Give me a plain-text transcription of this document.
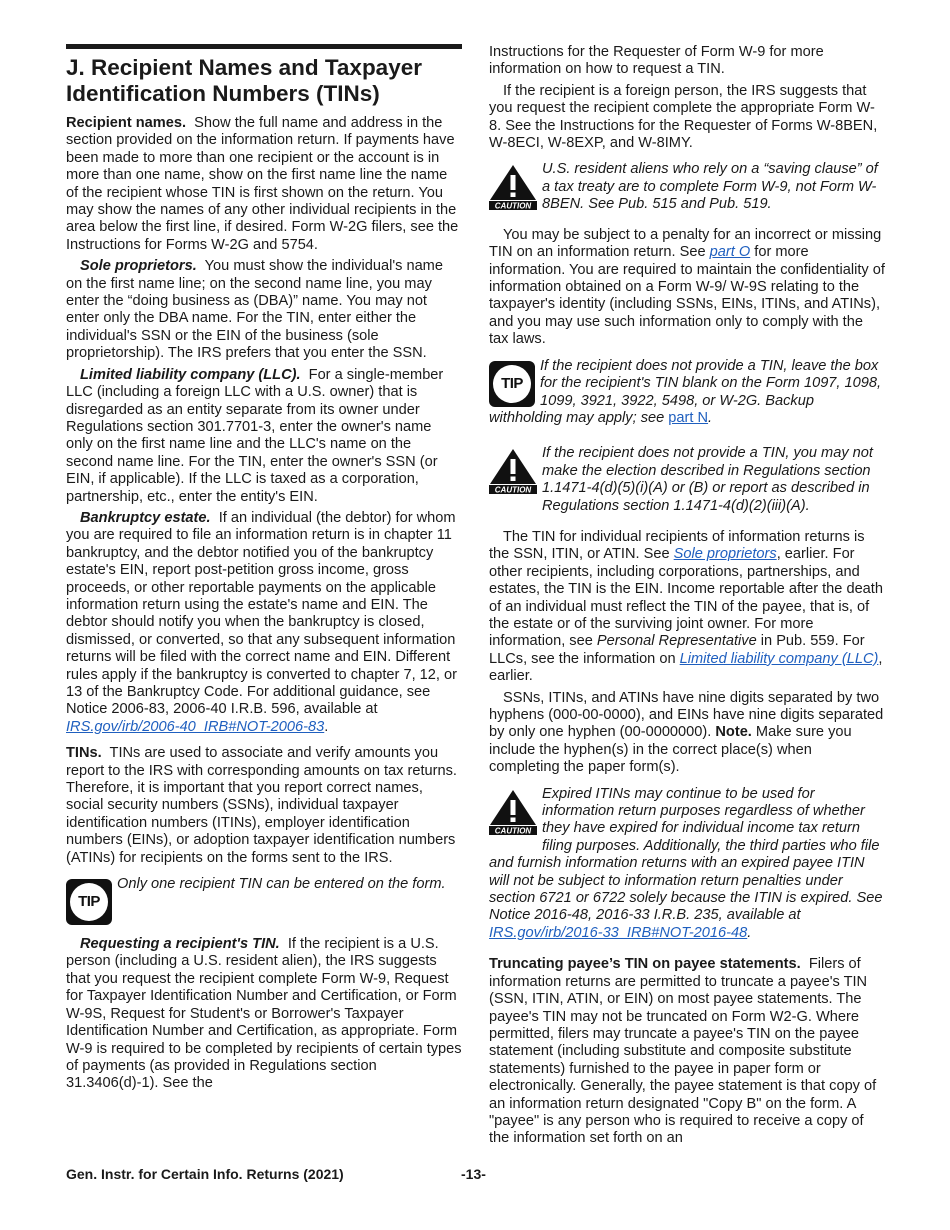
J. Recipient Names and Taxpayer Identification Numbers (TINs)

Recipient names. Show the full name and address in the section provided on the information return. If payments have been made to more than one recipient or the account is in more than one name, show on the first name line the name of the recipient whose TIN is first shown on the return. You may show the names of any other individual recipients in the area below the first line, if desired. Form W-2G filers, see the Instructions for Forms W-2G and 5754.

Sole proprietors. You must show the individual's name on the first name line; on the second name line, you may enter the “doing business as (DBA)” name. You may not enter only the DBA name. For the TIN, enter either the individual's SSN or the EIN of the business (sole proprietorship). The IRS prefers that you enter the SSN.

Limited liability company (LLC). For a single-member LLC (including a foreign LLC with a U.S. owner) that is disregarded as an entity separate from its owner under Regulations section 301.7701-3, enter the owner's name only on the first name line and the LLC's name on the second name line. For the TIN, enter the owner's SSN (or EIN, if applicable). If the LLC is taxed as a corporation, partnership, etc., enter the entity's EIN.

Bankruptcy estate. If an individual (the debtor) for whom you are required to file an information return is in chapter 11 bankruptcy, and the debtor notified you of the bankruptcy estate's EIN, report post-petition gross income, gross proceeds, or other reportable payments on the applicable information return using the estate's name and EIN. The debtor should notify you when the bankruptcy is closed, dismissed, or converted, so that any subsequent information returns will be filed with the correct name and EIN. Different rules apply if the bankruptcy is converted to chapter 7, 12, or 13 of the Bankruptcy Code. For additional guidance, see Notice 2006-83, 2006-40 I.R.B. 596, available at IRS.gov/irb/2006-40_IRB#NOT-2006-83.

TINs. TINs are used to associate and verify amounts you report to the IRS with corresponding amounts on tax returns. Therefore, it is important that you report correct names, social security numbers (SSNs), individual taxpayer identification numbers (ITINs), employer identification numbers (EINs), or adoption taxpayer identification numbers (ATINs) for recipients on the forms sent to the IRS.

TIP
Only one recipient TIN can be entered on the form.

Requesting a recipient's TIN. If the recipient is a U.S. person (including a U.S. resident alien), the IRS suggests that you request the recipient complete Form W-9, Request for Taxpayer Identification Number and Certification, or Form W-9S, Request for Student's or Borrower's Taxpayer Identification Number and Certification, as appropriate. Form W-9 is required to be completed by recipients of certain types of payments (as provided in Regulations section 31.3406(d)-1). See the

Instructions for the Requester of Form W-9 for more information on how to request a TIN.

If the recipient is a foreign person, the IRS suggests that you request the recipient complete the appropriate Form W-8. See the Instructions for the Requester of Forms W-8BEN, W-8ECI, W-8EXP, and W-8IMY.

CAUTION
U.S. resident aliens who rely on a “saving clause” of a tax treaty are to complete Form W-9, not Form W-8BEN. See Pub. 515 and Pub. 519.

You may be subject to a penalty for an incorrect or missing TIN on an information return. See part O for more information. You are required to maintain the confidentiality of information obtained on a Form W-9/ W-9S relating to the taxpayer's identity (including SSNs, EINs, ITINs, and ATINs), and you may use such information only to comply with the tax laws.

TIP
If the recipient does not provide a TIN, leave the box for the recipient's TIN blank on the Form 1097, 1098, 1099, 3921, 3922, 5498, or W-2G. Backup withholding may apply; see part N.
CAUTION
If the recipient does not provide a TIN, you may not make the election described in Regulations section 1.1471-4(d)(5)(i)(A) or (B) or report as described in Regulations section 1.1471-4(d)(2)(iii)(A).

The TIN for individual recipients of information returns is the SSN, ITIN, or ATIN. See Sole proprietors, earlier. For other recipients, including corporations, partnerships, and estates, the TIN is the EIN. Income reportable after the death of an individual must reflect the TIN of the payee, that is, of the estate or of the surviving joint owner. For more information, see Personal Representative in Pub. 559. For LLCs, see the information on Limited liability company (LLC), earlier.

SSNs, ITINs, and ATINs have nine digits separated by two hyphens (000-00-0000), and EINs have nine digits separated by only one hyphen (00-0000000). Note. Make sure you include the hyphen(s) in the correct place(s) when completing the paper form(s).

CAUTION
Expired ITINs may continue to be used for information return purposes regardless of whether they have expired for individual income tax return filing purposes. Additionally, the third parties who file and furnish information returns with an expired payee ITIN will not be subject to information return penalties under section 6721 or 6722 solely because the ITIN is expired. See Notice 2016-48, 2016-33 I.R.B. 235, available at IRS.gov/irb/2016-33_IRB#NOT-2016-48.

Truncating payee’s TIN on payee statements. Filers of information returns are permitted to truncate a payee's TIN (SSN, ITIN, ATIN, or EIN) on most payee statements. The payee's TIN may not be truncated on Form W2-G. Where permitted, filers may truncate a payee's TIN on the payee statement (including substitute and composite substitute statements) furnished to the payee in paper form or electronically. Generally, the payee statement is that copy of an information return designated "Copy B" on the form. A "payee" is any person who is required to receive a copy of the information set forth on an

Gen. Instr. for Certain Info. Returns (2021)	-13-
